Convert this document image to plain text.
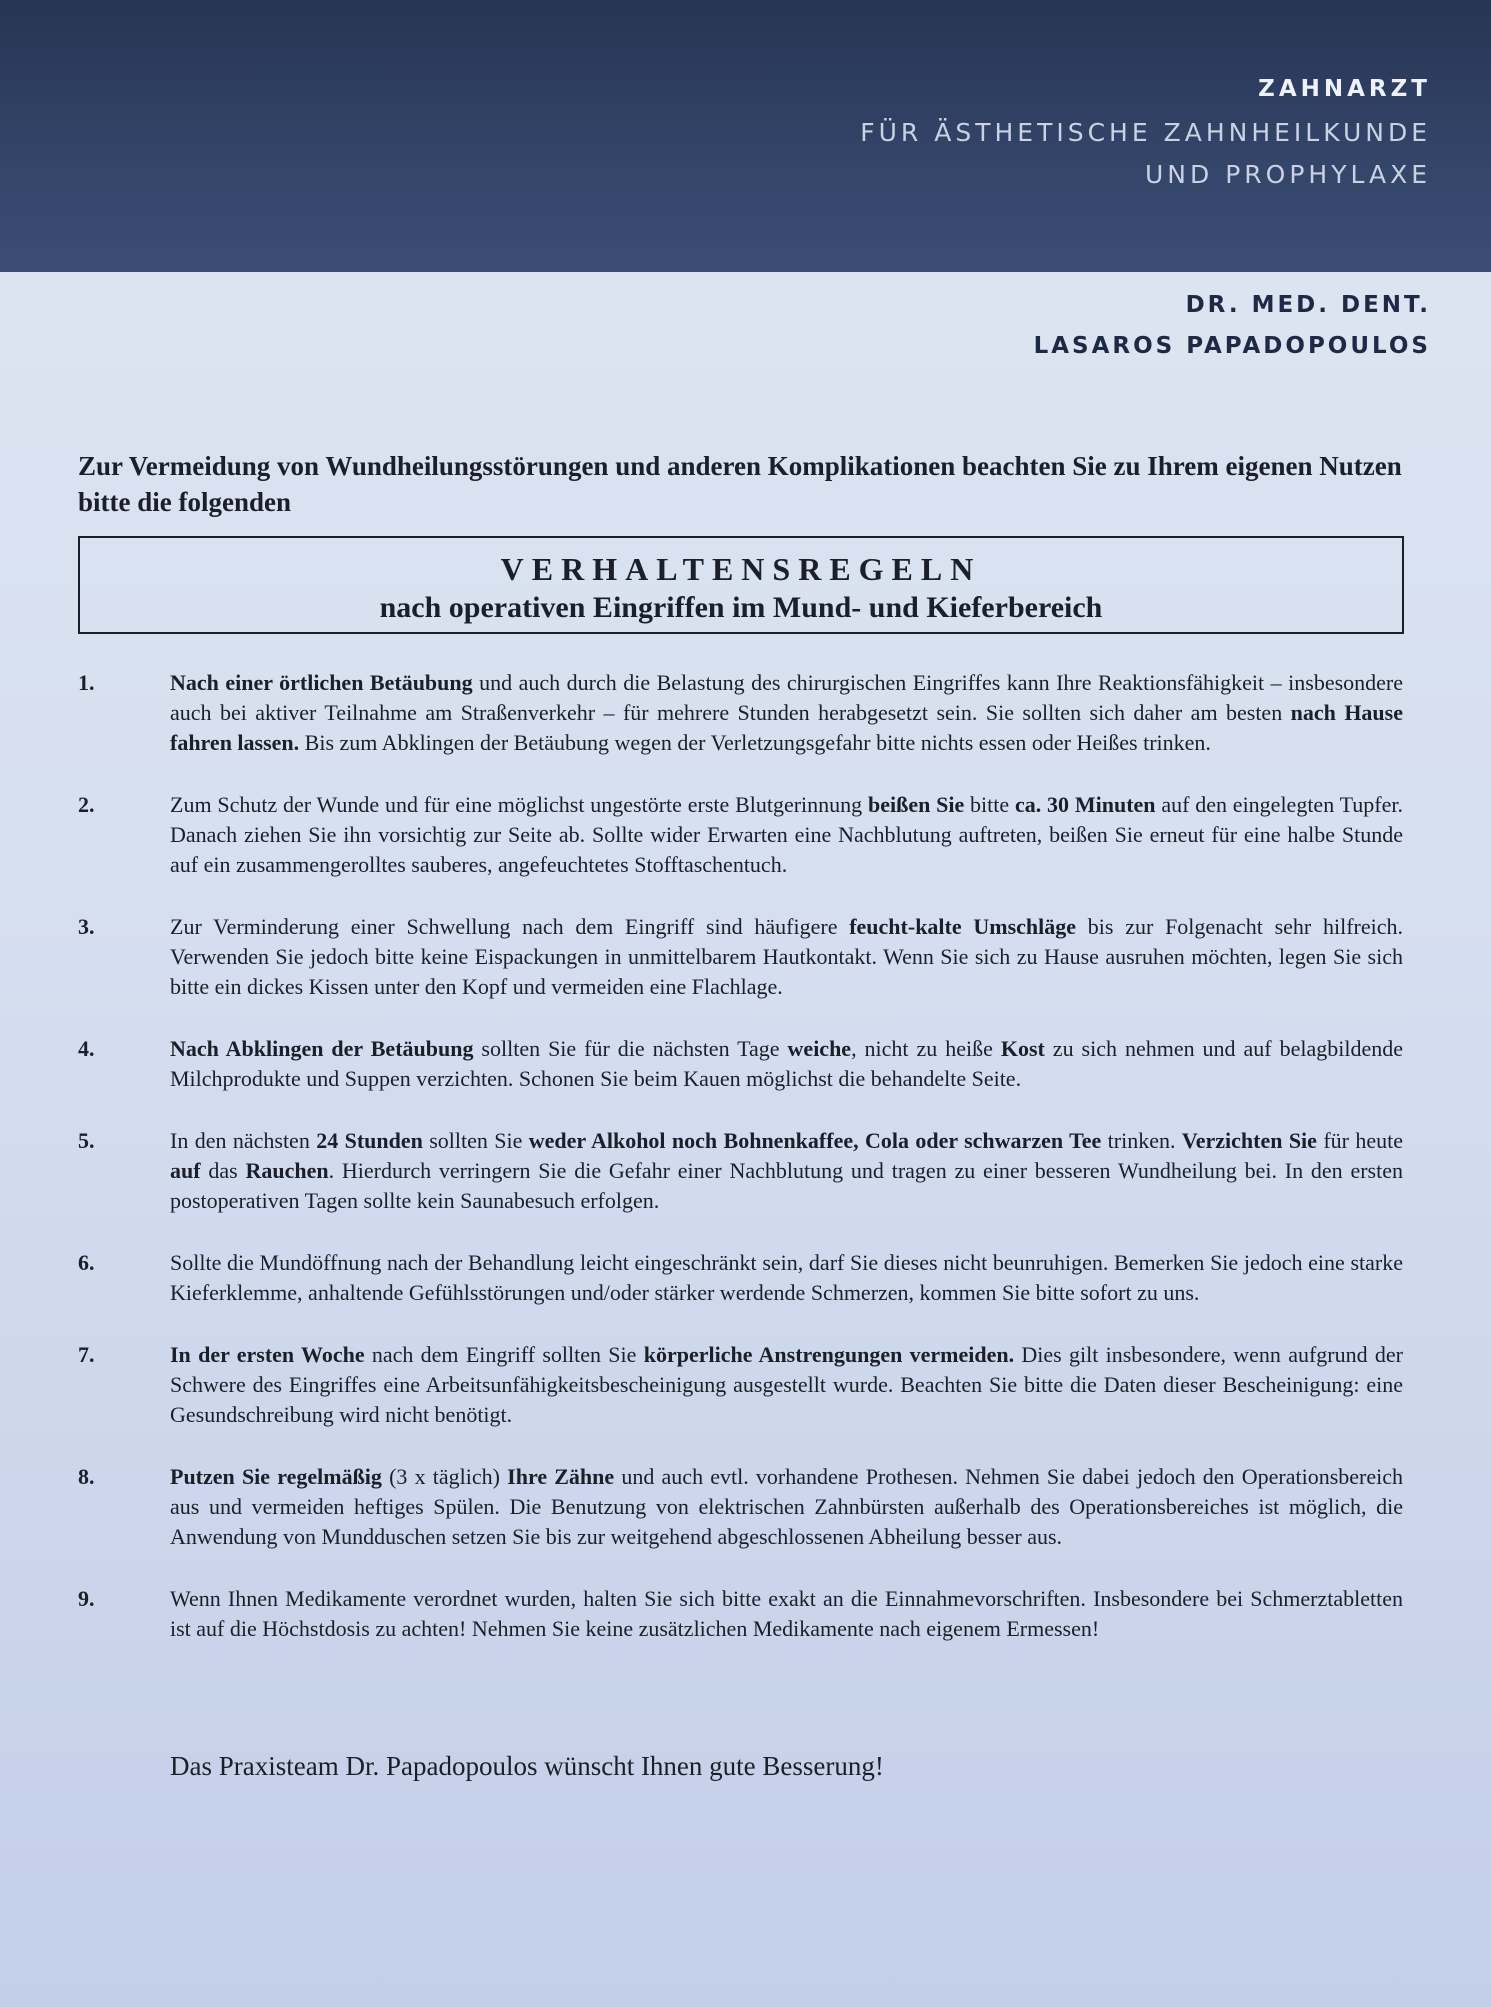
ZAHNARZT
FÜR ÄSTHETISCHE ZAHNHEILKUNDE
UND PROPHYLAXE
DR. MED. DENT.
LASAROS PAPADOPOULOS
Zur Vermeidung von Wundheilungsstörungen und anderen Komplikationen beachten Sie zu Ihrem eigenen Nutzen bitte die folgenden
VERHALTENSREGELN
nach operativen Eingriffen im Mund- und Kieferbereich
1.	Nach einer örtlichen Betäubung und auch durch die Belastung des chirurgischen Eingriffes kann Ihre Reaktionsfähigkeit – insbesondere auch bei aktiver Teilnahme am Straßenverkehr – für mehrere Stunden herabgesetzt sein. Sie sollten sich daher am besten nach Hause fahren lassen. Bis zum Abklingen der Betäubung wegen der Verletzungsgefahr bitte nichts essen oder Heißes trinken.
2.	Zum Schutz der Wunde und für eine möglichst ungestörte erste Blutgerinnung beißen Sie bitte ca. 30 Minuten auf den eingelegten Tupfer. Danach ziehen Sie ihn vorsichtig zur Seite ab. Sollte wider Erwarten eine Nachblutung auftreten, beißen Sie erneut für eine halbe Stunde auf ein zusammengerolltes sauberes, angefeuchtetes Stofftaschentuch.
3.	Zur Verminderung einer Schwellung nach dem Eingriff sind häufigere feucht-kalte Umschläge bis zur Folgenacht sehr hilfreich. Verwenden Sie jedoch bitte keine Eispackungen in unmittelbarem Hautkontakt. Wenn Sie sich zu Hause ausruhen möchten, legen Sie sich bitte ein dickes Kissen unter den Kopf und vermeiden eine Flachlage.
4.	Nach Abklingen der Betäubung sollten Sie für die nächsten Tage weiche, nicht zu heiße Kost zu sich nehmen und auf belagbildende Milchprodukte und Suppen verzichten. Schonen Sie beim Kauen möglichst die behandelte Seite.
5.	In den nächsten 24 Stunden sollten Sie weder Alkohol noch Bohnenkaffee, Cola oder schwarzen Tee trinken. Verzichten Sie für heute auf das Rauchen. Hierdurch verringern Sie die Gefahr einer Nachblutung und tragen zu einer besseren Wundheilung bei. In den ersten postoperativen Tagen sollte kein Saunabesuch erfolgen.
6.	Sollte die Mundöffnung nach der Behandlung leicht eingeschränkt sein, darf Sie dieses nicht beunruhigen. Bemerken Sie jedoch eine starke Kieferklemme, anhaltende Gefühlsstörungen und/oder stärker werdende Schmerzen, kommen Sie bitte sofort zu uns.
7.	In der ersten Woche nach dem Eingriff sollten Sie körperliche Anstrengungen vermeiden. Dies gilt insbesondere, wenn aufgrund der Schwere des Eingriffes eine Arbeitsunfähigkeitsbescheinigung ausgestellt wurde. Beachten Sie bitte die Daten dieser Bescheinigung: eine Gesundschreibung wird nicht benötigt.
8.	Putzen Sie regelmäßig (3 x täglich) Ihre Zähne und auch evtl. vorhandene Prothesen. Nehmen Sie dabei jedoch den Operationsbereich aus und vermeiden heftiges Spülen. Die Benutzung von elektrischen Zahnbürsten außerhalb des Operationsbereiches ist möglich, die Anwendung von Mundduschen setzen Sie bis zur weitgehend abgeschlossenen Abheilung besser aus.
9.	Wenn Ihnen Medikamente verordnet wurden, halten Sie sich bitte exakt an die Einnahmevorschriften. Insbesondere bei Schmerztabletten ist auf die Höchstdosis zu achten! Nehmen Sie keine zusätzlichen Medikamente nach eigenem Ermessen!
Das Praxisteam Dr. Papadopoulos wünscht Ihnen gute Besserung!
